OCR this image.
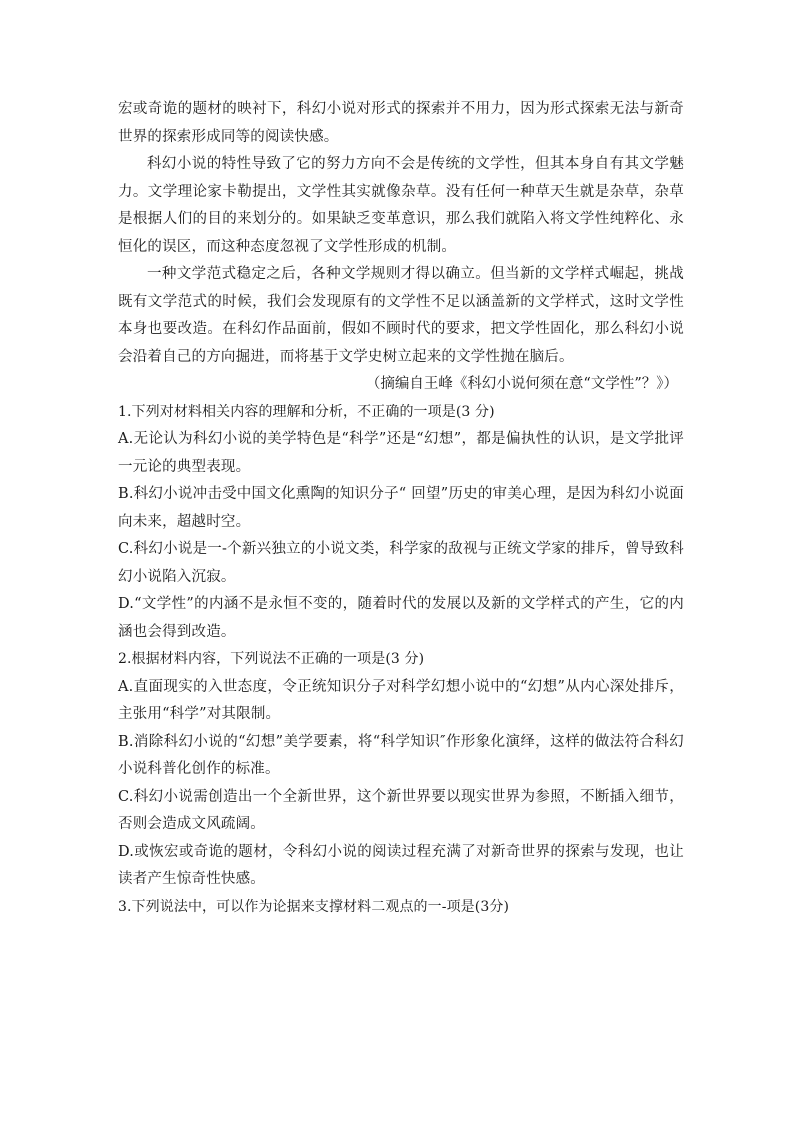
宏或奇诡的题材的映衬下，科幻小说对形式的探索并不用力，因为形式探索无法与新奇世界的探索形成同等的阅读快感。

科幻小说的特性导致了它的努力方向不会是传统的文学性，但其本身自有其文学魅力。文学理论家卡勒提出，文学性其实就像杂草。没有任何一种草天生就是杂草，杂草是根据人们的目的来划分的。如果缺乏变革意识，那么我们就陷入将文学性纯粹化、永恒化的误区，而这种态度忽视了文学性形成的机制。

一种文学范式稳定之后，各种文学规则才得以确立。但当新的文学样式崛起，挑战既有文学范式的时候，我们会发现原有的文学性不足以涵盖新的文学样式，这时文学性本身也要改造。在科幻作品面前，假如不顾时代的要求，把文学性固化，那么科幻小说会沿着自己的方向掘进，而将基于文学史树立起来的文学性抛在脑后。

（摘编自王峰《科幻小说何须在意“文学性”？》）

1.下列对材料相关内容的理解和分析，不正确的一项是(3 分)

A.无论认为科幻小说的美学特色是“科学”还是“幻想”，都是偏执性的认识，是文学批评一元论的典型表现。

B.科幻小说冲击受中国文化熏陶的知识分子“ 回望”历史的审美心理，是因为科幻小说面向未来，超越时空。

C.科幻小说是一-个新兴独立的小说文类，科学家的敌视与正统文学家的排斥，曾导致科幻小说陷入沉寂。

D.“文学性”的内涵不是永恒不变的，随着时代的发展以及新的文学样式的产生，它的内涵也会得到改造。

2.根据材料内容，下列说法不正确的一项是(3 分)

A.直面现实的入世态度，令正统知识分子对科学幻想小说中的“幻想”从内心深处排斥，主张用“科学”对其限制。

B.消除科幻小说的“幻想”美学要素，将“科学知识″作形象化演绎，这样的做法符合科幻小说科普化创作的标准。

C.科幻小说需创造出一个全新世界，这个新世界要以现实世界为参照，不断插入细节，否则会造成文风疏阔。

D.或恢宏或奇诡的题材，令科幻小说的阅读过程充满了对新奇世界的探索与发现，也让读者产生惊奇性快感。

3.下列说法中，可以作为论据来支撑材料二观点的一-项是(3分)
